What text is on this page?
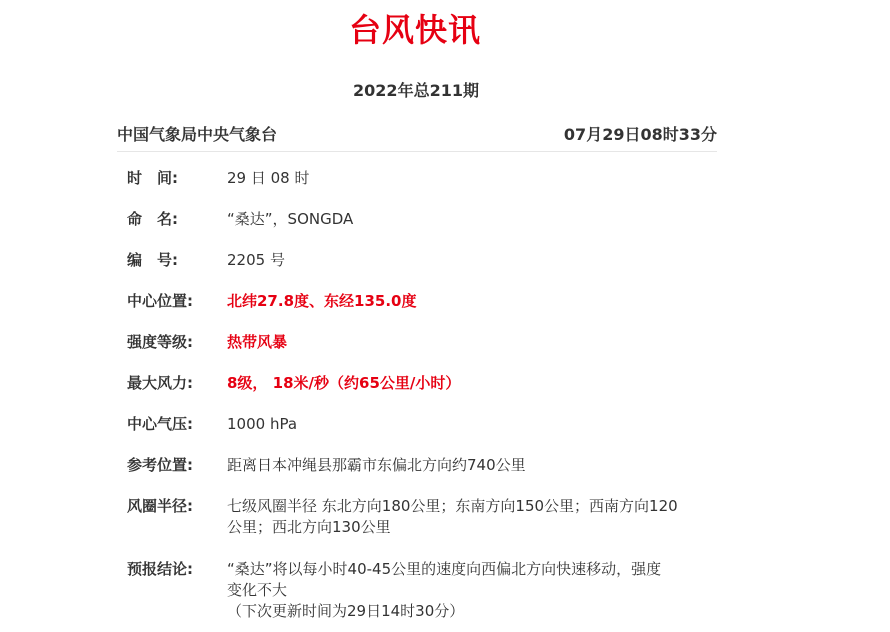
台风快讯
2022年总211期
中国气象局中央气象台	07月29日08时33分
时　间:	29 日 08 时
命　名:	“桑达”，SONGDA
编　号:	2205 号
中心位置:	北纬27.8度、东经135.0度
强度等级:	热带风暴
最大风力:	8级， 18米/秒（约65公里/小时）
中心气压:	1000 hPa
参考位置:	距离日本冲绳县那霸市东偏北方向约740公里
风圈半径:	七级风圈半径 东北方向180公里；东南方向150公里；西南方向120
公里；西北方向130公里
预报结论:	“桑达”将以每小时40-45公里的速度向西偏北方向快速移动，强度
变化不大
（下次更新时间为29日14时30分）
